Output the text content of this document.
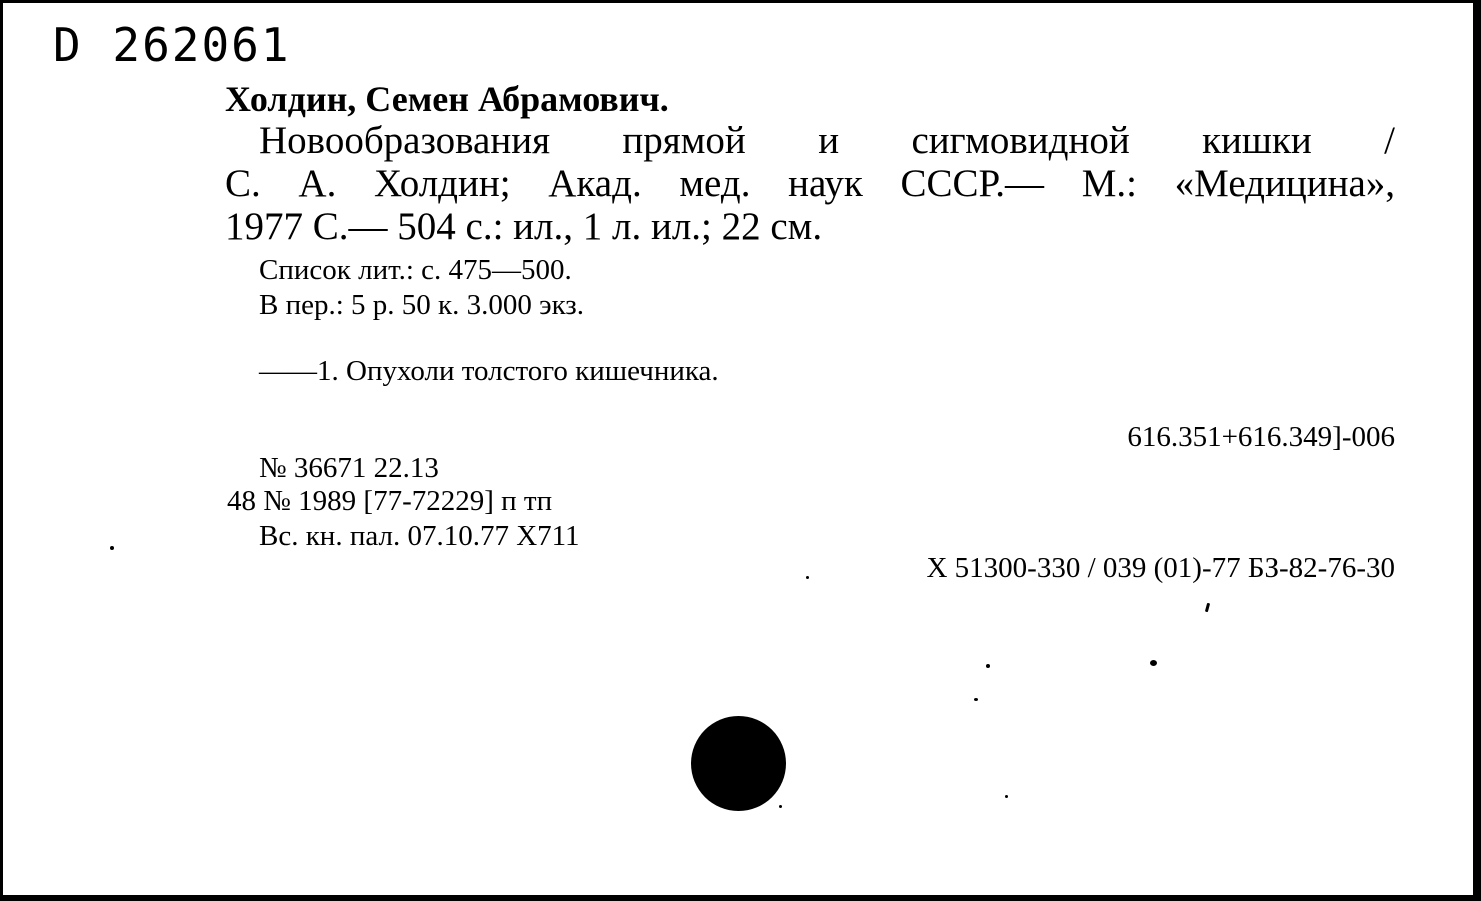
D 262061
Холдин, Семен Абрамович.
Новообразования прямой и сигмовидной кишки /
С. А. Холдин; Акад. мед. наук СССР.— М.: «Медицина»,
1977 С.— 504 с.: ил., 1 л. ил.; 22 см.
Список лит.: с. 475—500.
В пер.: 5 р. 50 к. 3.000 экз.
——1. Опухоли толстого кишечника.
616.351+616.349]-006
№ 36671 22.13
48 № 1989 [77-72229] п тп
Вс. кн. пал. 07.10.77 Х711
Х 51300-330 / 039 (01)-77 БЗ-82-76-30
